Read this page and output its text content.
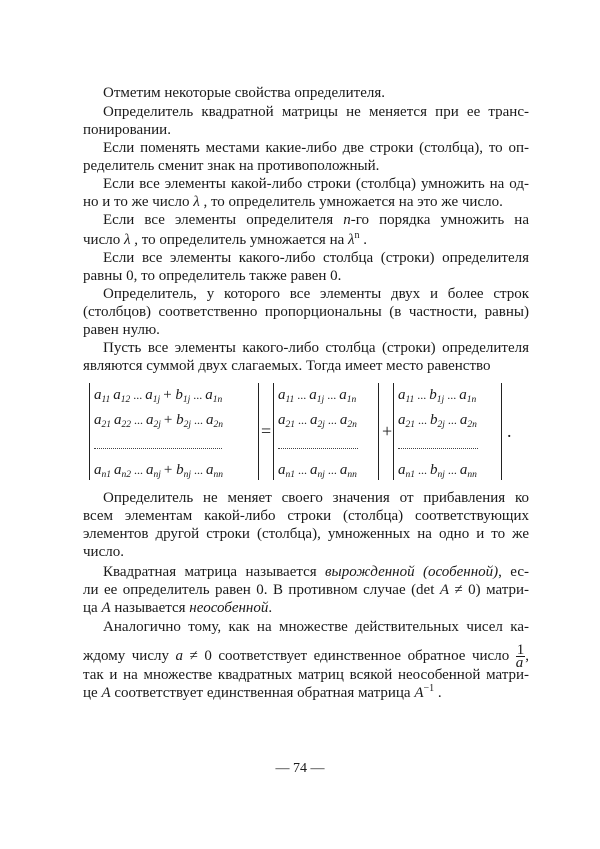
Отметим некоторые свойства определителя.
Определитель квадратной матрицы не меняется при ее транс-
понировании.
Если поменять местами какие-либо две строки (столбца), то оп-
ределитель сменит знак на противоположный.
Если все элементы какой-либо строки (столбца) умножить на од-
но и то же число λ , то определитель умножается на это же число.
Если все элементы определителя n-го порядка умножить на
число λ , то определитель умножается на $\lambda^n$ .
Если все элементы какого-либо столбца (строки) определителя
равны 0, то определитель также равен 0.
Определитель, у которого все элементы двух и более строк
(столбцов) соответственно пропорциональны (в частности, равны)
равен нулю.
Пусть все элементы какого-либо столбца (строки) определителя
являются суммой двух слагаемых. Тогда имеет место равенство
Определитель не меняет своего значения от прибавления ко
всем элементам какой-либо строки (столбца) соответствующих
элементов другой строки (столбца), умноженных на одно и то же
число.
Квадратная матрица называется вырожденной (особенной), ес-
ли ее определитель равен 0. В противном случае (det A ≠ 0) матри-
ца A называется неособенной.
Аналогично тому, как на множестве действительных чисел ка-
ждому числу a ≠ 0 соответствует единственное обратное число $\frac{1}{a}$,
так и на множестве квадратных матриц всякой неособенной матри-
це A соответствует единственная обратная матрица $A^{-1}$ .
$a_{11}$ $a_{12}$ ... $a_{1j} + b_{1j}$ ... $a_{1n}$
$a_{21}$ $a_{22}$ ... $a_{2j} + b_{2j}$ ... $a_{2n}$
$a_{n1}$ $a_{n2}$ ... $a_{nj} + b_{nj}$ ... $a_{nn}$
=
$a_{11}$ ... $a_{1j}$ ... $a_{1n}$
$a_{21}$ ... $a_{2j}$ ... $a_{2n}$
$a_{n1}$ ... $a_{nj}$ ... $a_{nn}$
+
$a_{11}$ ... $b_{1j}$ ... $a_{1n}$
$a_{21}$ ... $b_{2j}$ ... $a_{2n}$
$a_{n1}$ ... $b_{nj}$ ... $a_{nn}$
.
— 74 —
